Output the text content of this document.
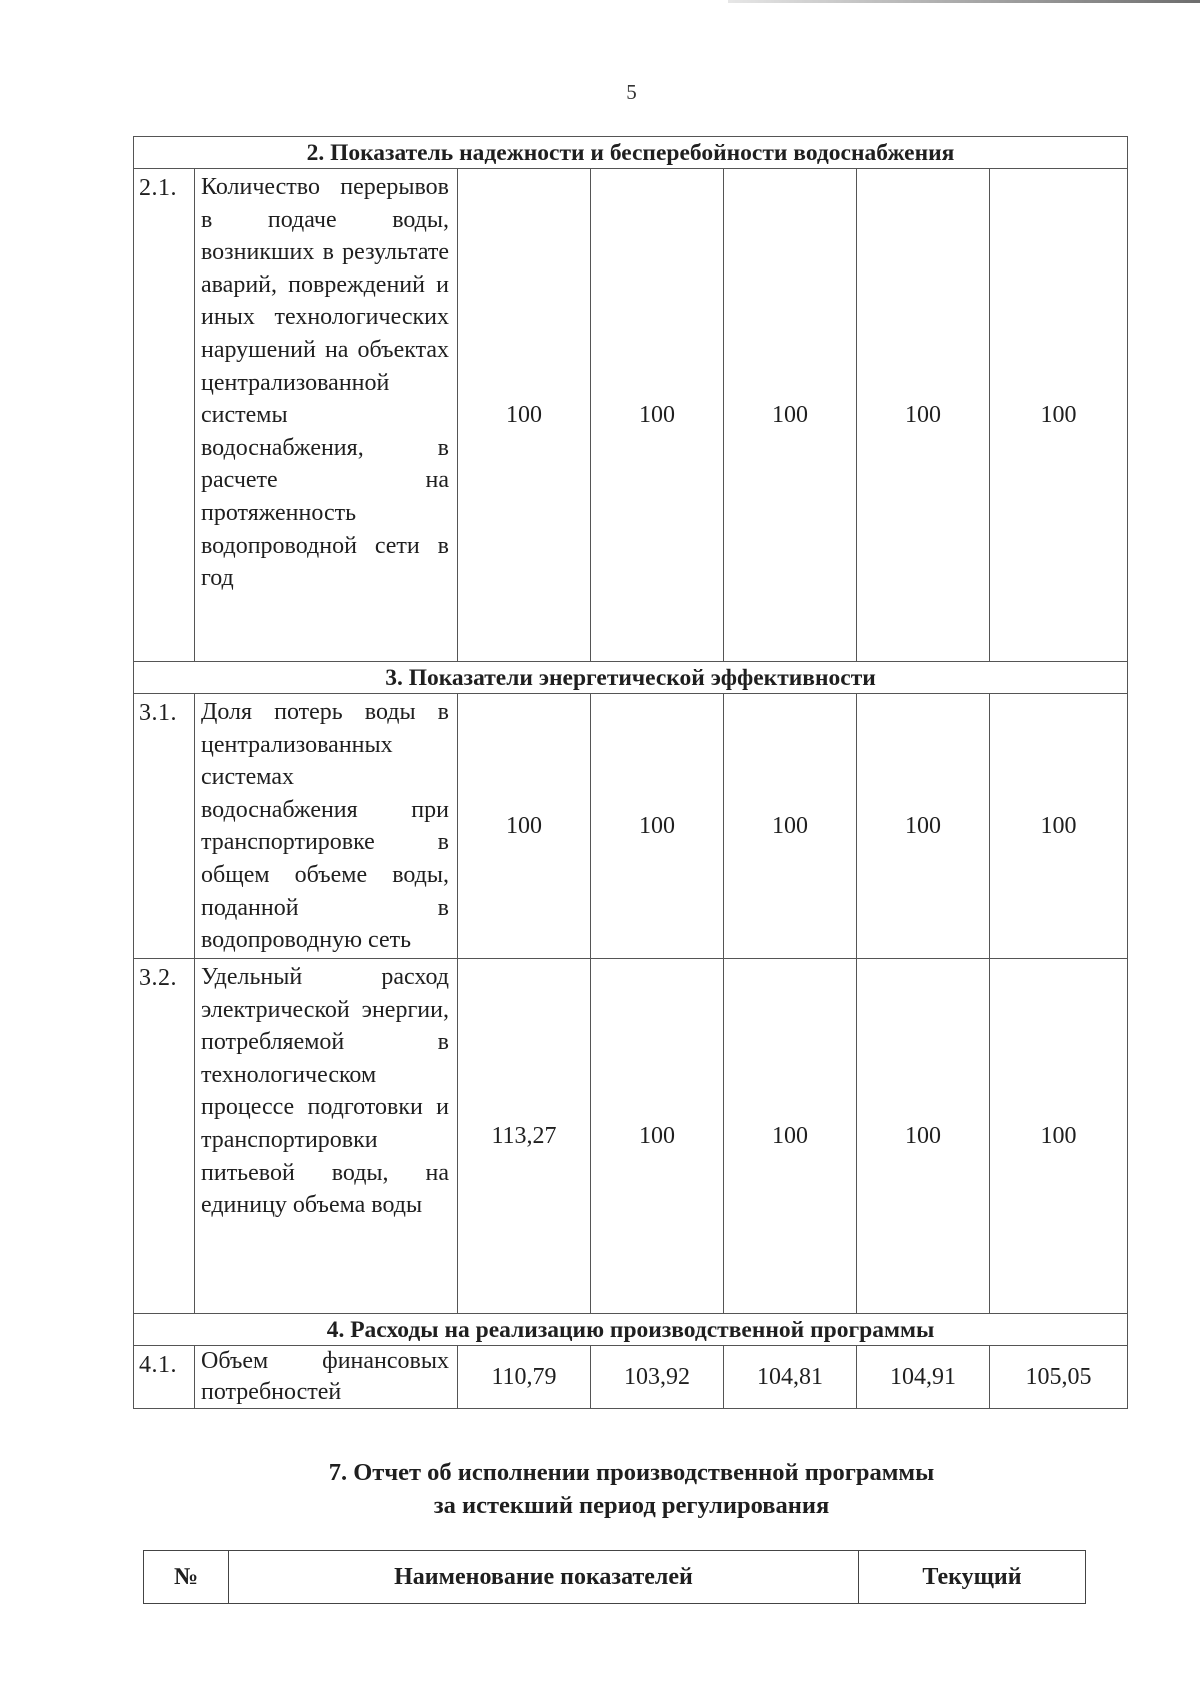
5
2. Показатель надежности и бесперебойности водоснабжения						
2.1.	Количество перерывов в подаче воды, возникших в результате аварий, повреждений и иных технологических нарушений на объектах централизованной системы водоснабжения, в расчете на протяженность водопроводной сети в год	100	100	100	100	100
3. Показатели энергетической эффективности						
3.1.	Доля потерь воды в централизованных системах водоснабжения при транспортировке в общем объеме воды, поданной в водопроводную сеть	100	100	100	100	100
3.2.	Удельный расход электрической энергии, потребляемой в технологическом процессе подготовки и транспортировки питьевой воды, на единицу объема воды	113,27	100	100	100	100
4. Расходы на реализацию производственной программы						
4.1.	Объем финансовых потребностей	110,79	103,92	104,81	104,91	105,05
7. Отчет об исполнении производственной программы
за истекший период регулирования
№	Наименование показателей	Текущий
